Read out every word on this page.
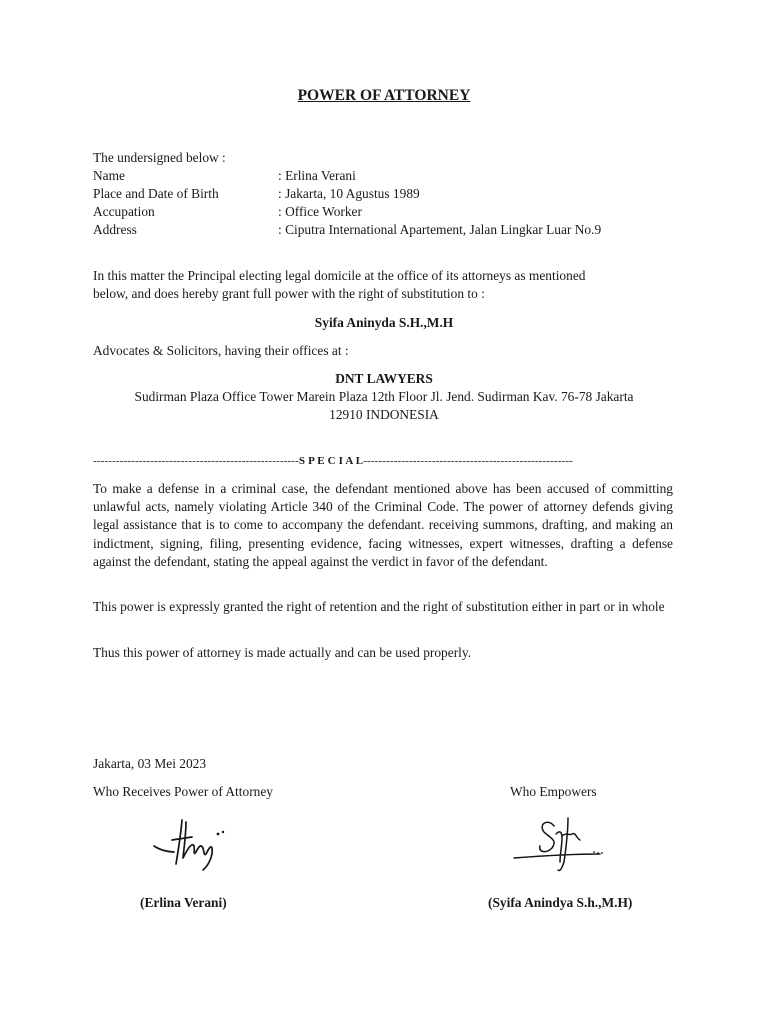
POWER OF ATTORNEY
The undersigned below :
Name	: Erlina Verani
Place and Date of Birth	: Jakarta, 10 Agustus 1989
Accupation	: Office Worker
Address	: Ciputra International Apartement, Jalan Lingkar Luar No.9
In this matter the Principal electing legal domicile at the office of its attorneys as mentioned
below, and does hereby grant full power with the right of substitution to :
Syifa Aninyda S.H.,M.H
Advocates & Solicitors, having their offices at :
DNT LAWYERS
Sudirman Plaza Office Tower Marein Plaza 12th Floor Jl. Jend. Sudirman Kav. 76-78 Jakarta
12910 INDONESIA
------------------------------------------------------S P E C I A L-------------------------------------------------------
To make a defense in a criminal case, the defendant mentioned above has been accused of committing unlawful acts, namely violating Article 340 of the Criminal Code. The power of attorney defends giving legal assistance that is to come to accompany the defendant. receiving summons, drafting, and making an indictment, signing, filing, presenting evidence, facing witnesses, expert witnesses, drafting a defense against the defendant, stating the appeal against the verdict in favor of the defendant.
This power is expressly granted the right of retention and the right of substitution either in part or in whole
Thus this power of attorney is made actually and can be used properly.
Jakarta, 03 Mei 2023
Who Receives Power of Attorney	Who Empowers
(Erlina Verani)	(Syifa Anindya S.h.,M.H)
